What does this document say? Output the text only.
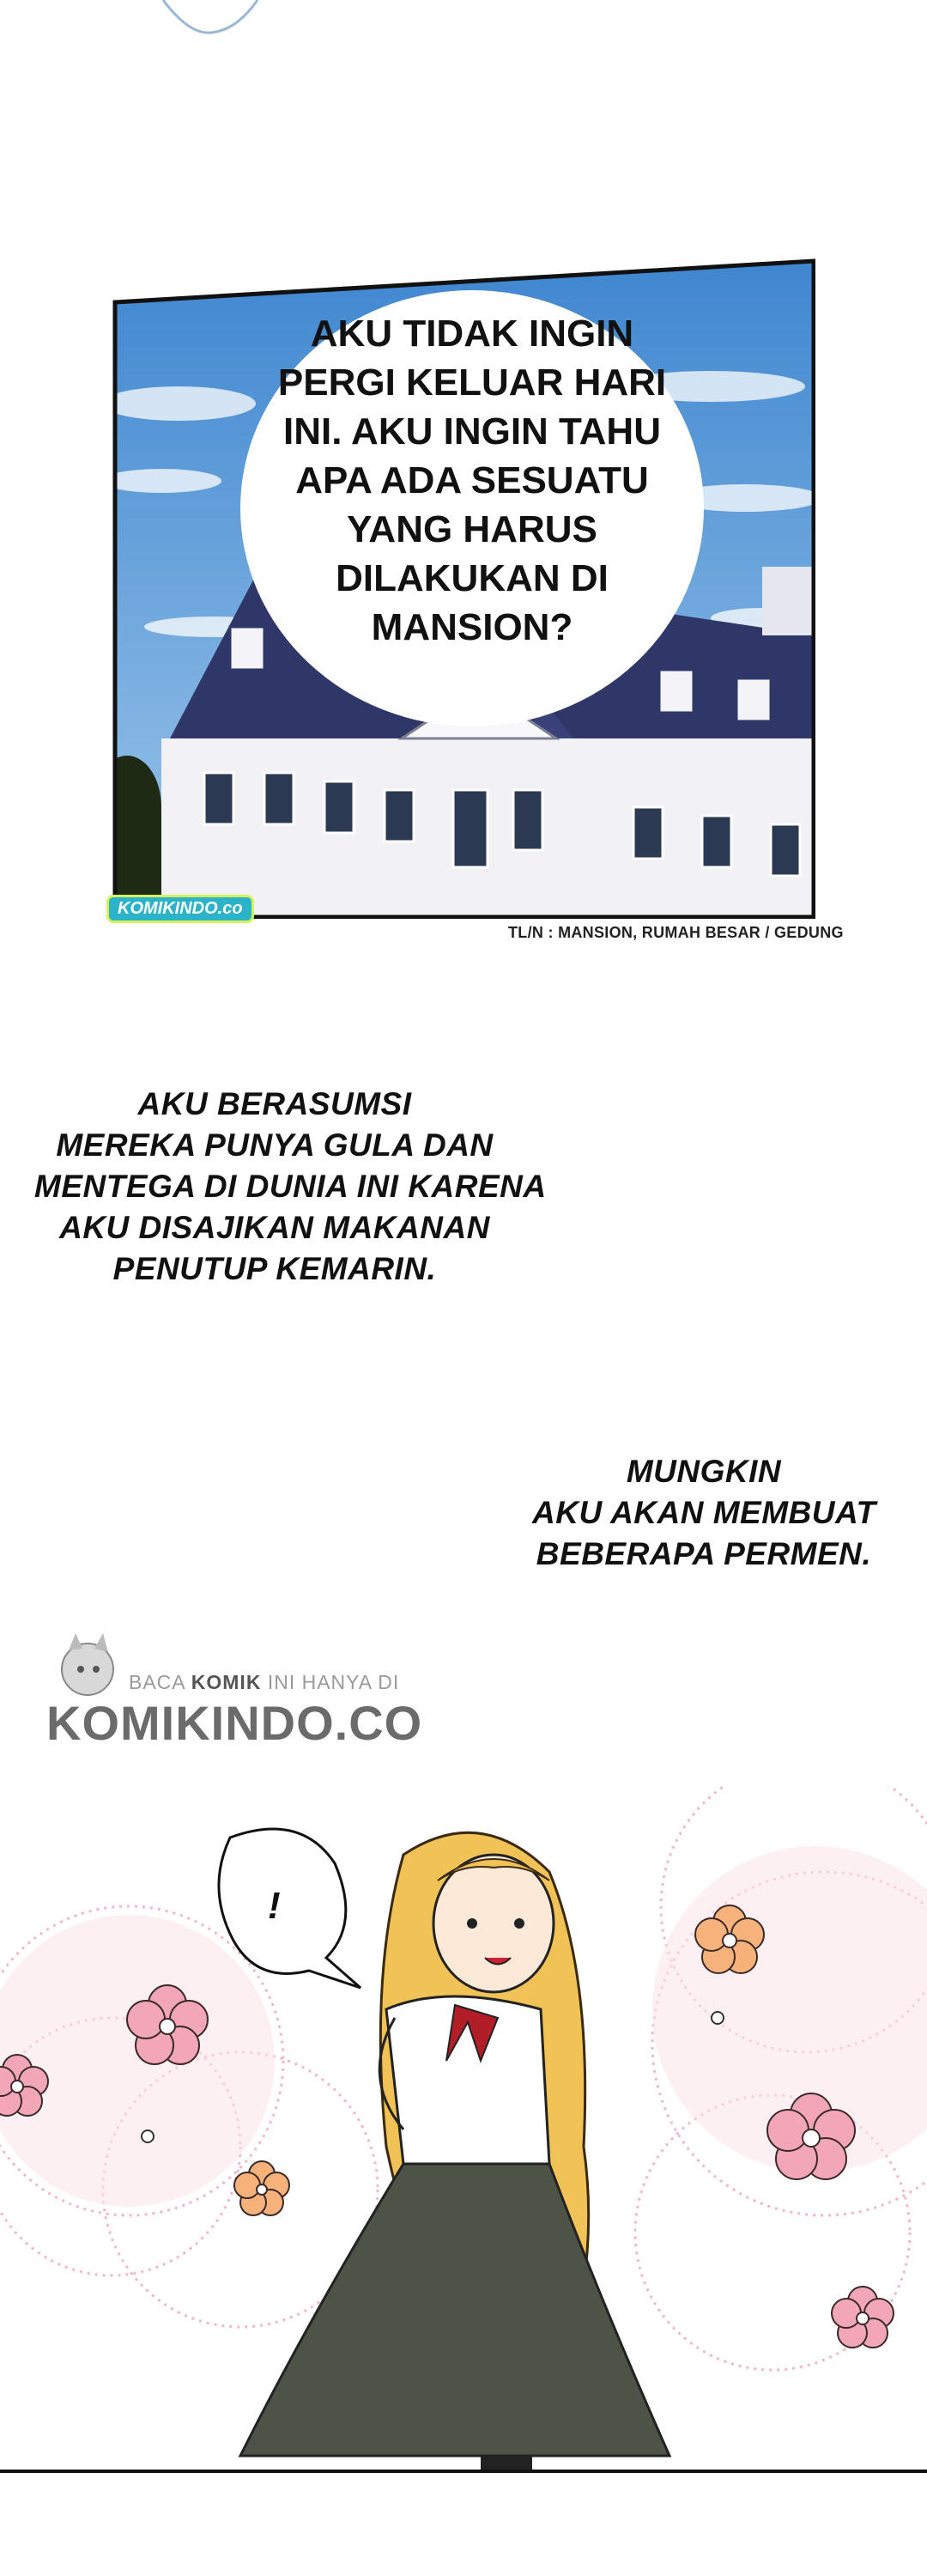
AKU TIDAK INGIN
PERGI KELUAR HARI
INI. AKU INGIN TAHU
APA ADA SESUATU
YANG HARUS
DILAKUKAN DI
MANSION?
KOMIKINDO.co
TL/N : MANSION, RUMAH BESAR / GEDUNG
AKU BERASUMSI
MEREKA PUNYA GULA DAN
MENTEGA DI DUNIA INI KARENA
AKU DISAJIKAN MAKANAN
PENUTUP KEMARIN.
MUNGKIN
AKU AKAN MEMBUAT
BEBERAPA PERMEN.
BACA KOMIK INI HANYA DI
KOMIKINDO.CO
!
